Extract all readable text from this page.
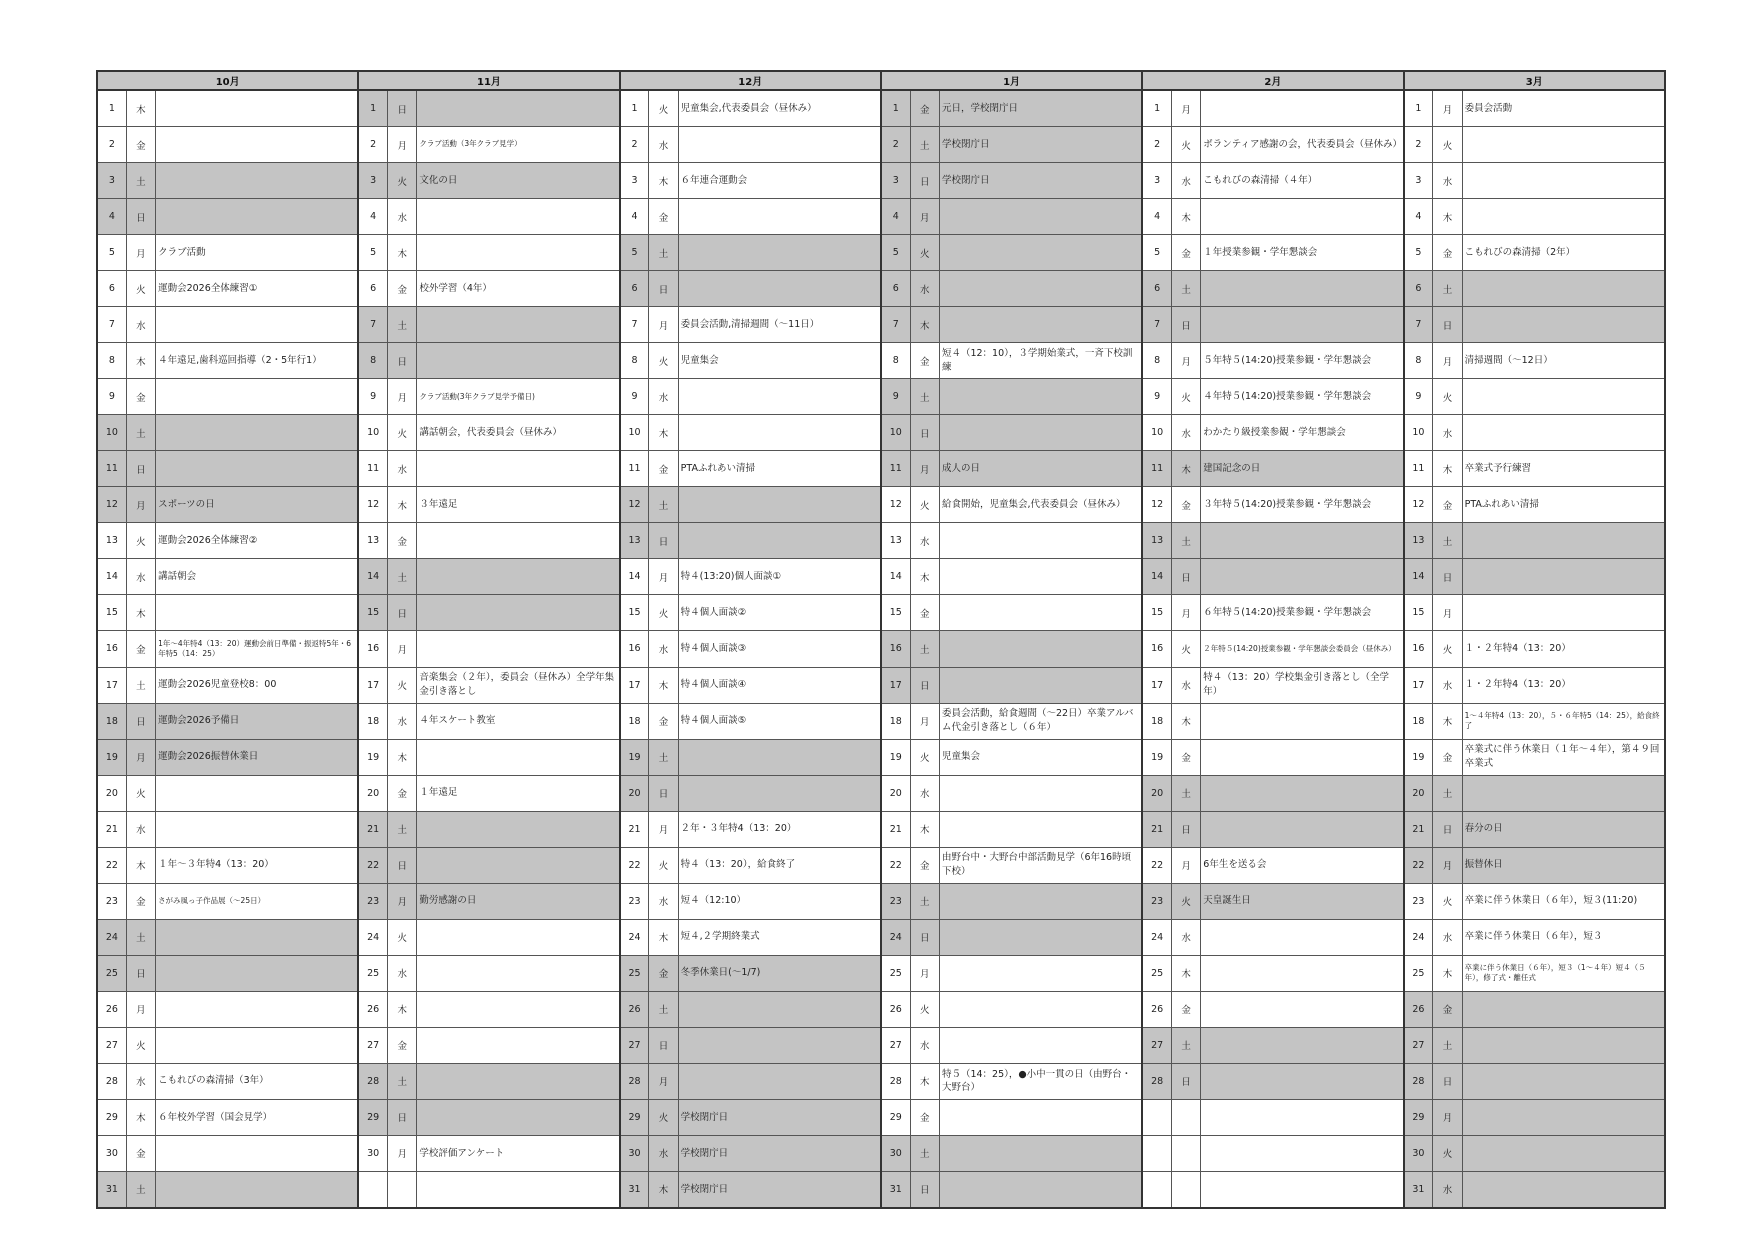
10月			11月			12月			1月			2月			3月		
1	木		1	日		1	火	児童集会,代表委員会（昼休み）	1	金	元日，学校閉庁日	1	月		1	月	委員会活動
2	金		2	月	クラブ活動（3年クラブ見学）	2	水		2	土	学校閉庁日	2	火	ボランティア感謝の会，代表委員会（昼休み）	2	火	
3	土		3	火	文化の日	3	木	６年連合運動会	3	日	学校閉庁日	3	水	こもれびの森清掃（４年）	3	水	
4	日		4	水		4	金		4	月		4	木		4	木	
5	月	クラブ活動	5	木		5	土		5	火		5	金	１年授業参観・学年懇談会	5	金	こもれびの森清掃（2年）
6	火	運動会2026全体練習①	6	金	校外学習（4年）	6	日		6	水		6	土		6	土	
7	水		7	土		7	月	委員会活動,清掃週間（～11日）	7	木		7	日		7	日	
8	木	４年遠足,歯科巡回指導（2・5年行1）	8	日		8	火	児童集会	8	金	短４（12：10），３学期始業式，一斉下校訓練	8	月	５年特５(14:20)授業参観・学年懇談会	8	月	清掃週間（～12日）
9	金		9	月	クラブ活動(3年クラブ見学予備日)	9	水		9	土		9	火	４年特５(14:20)授業参観・学年懇談会	9	火	
10	土		10	火	講話朝会，代表委員会（昼休み）	10	木		10	日		10	水	わかたり級授業参観・学年懇談会	10	水	
11	日		11	水		11	金	PTAふれあい清掃	11	月	成人の日	11	木	建国記念の日	11	木	卒業式予行練習
12	月	スポーツの日	12	木	３年遠足	12	土		12	火	給食開始，児童集会,代表委員会（昼休み）	12	金	３年特５(14:20)授業参観・学年懇談会	12	金	PTAふれあい清掃
13	火	運動会2026全体練習②	13	金		13	日		13	水		13	土		13	土	
14	水	講話朝会	14	土		14	月	特４(13:20)個人面談①	14	木		14	日		14	日	
15	木		15	日		15	火	特４個人面談②	15	金		15	月	６年特５(14:20)授業参観・学年懇談会	15	月	
16	金	1年～4年特4（13：20）運動会前日準備・振返特5年・6年特5（14：25）	16	月		16	水	特４個人面談③	16	土		16	火	２年特５(14:20)授業参観・学年懇談会委員会（昼休み）	16	火	１・２年特4（13：20）
17	土	運動会2026児童登校8：00	17	火	音楽集会（２年），委員会（昼休み）全学年集金引き落とし	17	木	特４個人面談④	17	日		17	水	特４（13：20）学校集金引き落とし（全学年）	17	水	１・２年特4（13：20）
18	日	運動会2026予備日	18	水	４年スケート教室	18	金	特４個人面談⑤	18	月	委員会活動，給食週間（～22日）卒業アルバム代金引き落とし（６年）	18	木		18	木	1～４年特4（13：20），５・６年特5（14：25），給食終了
19	月	運動会2026振替休業日	19	木		19	土		19	火	児童集会	19	金		19	金	卒業式に伴う休業日（１年～４年），第４９回卒業式
20	火		20	金	１年遠足	20	日		20	水		20	土		20	土	
21	水		21	土		21	月	２年・３年特4（13：20）	21	木		21	日		21	日	春分の日
22	木	１年～３年特4（13：20）	22	日		22	火	特４（13：20），給食終了	22	金	由野台中・大野台中部活動見学（6年16時頃下校）	22	月	6年生を送る会	22	月	振替休日
23	金	さがみ風っ子作品展（～25日）	23	月	勤労感謝の日	23	水	短４（12:10）	23	土		23	火	天皇誕生日	23	火	卒業に伴う休業日（６年），短３(11:20)
24	土		24	火		24	木	短４,２学期終業式	24	日		24	水		24	水	卒業に伴う休業日（６年），短３
25	日		25	水		25	金	冬季休業日(～1/7)	25	月		25	木		25	木	卒業に伴う休業日（６年），短３（1～４年）短４（５年），修了式・離任式
26	月		26	木		26	土		26	火		26	金		26	金	
27	火		27	金		27	日		27	水		27	土		27	土	
28	水	こもれびの森清掃（3年）	28	土		28	月		28	木	特５（14：25），●小中一貫の日（由野台・大野台）	28	日		28	日	
29	木	６年校外学習（国会見学）	29	日		29	火	学校閉庁日	29	金					29	月	
30	金		30	月	学校評価アンケート	30	水	学校閉庁日	30	土					30	火	
31	土					31	木	学校閉庁日	31	日					31	水	
